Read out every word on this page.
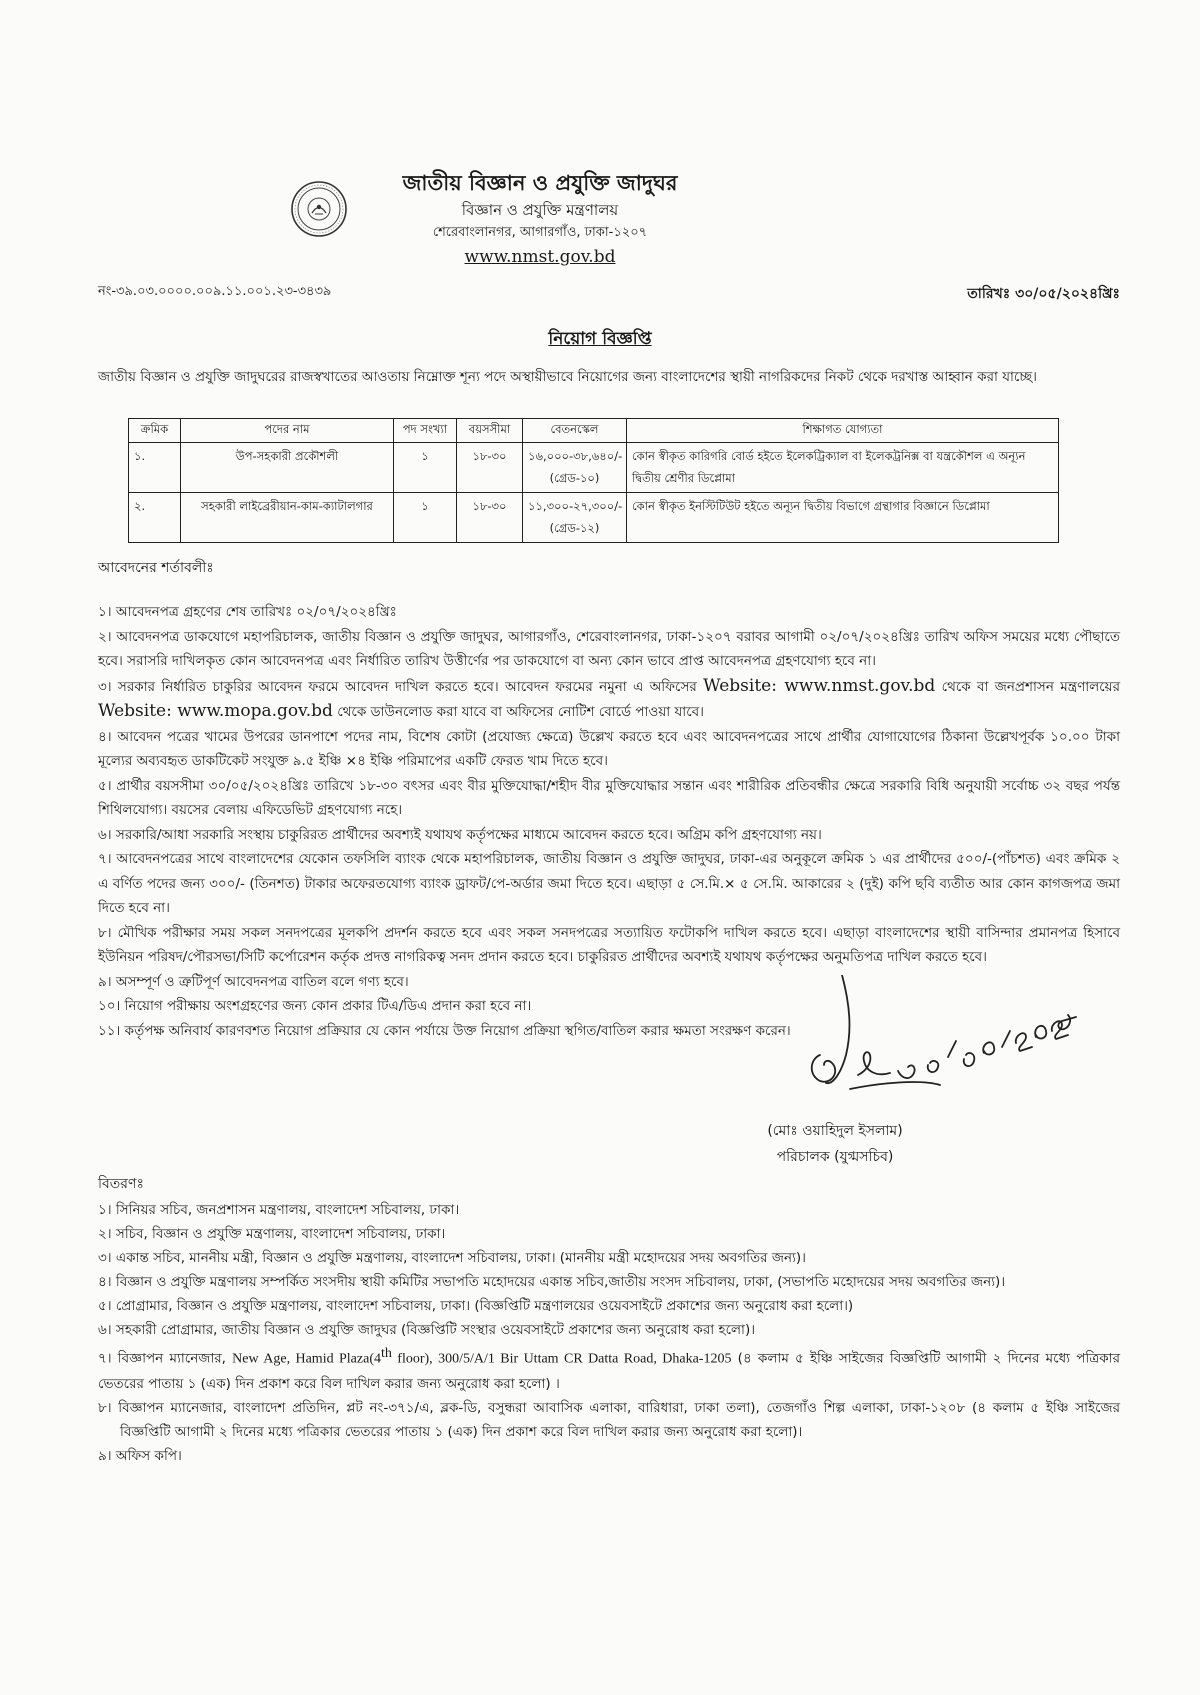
জাতীয় বিজ্ঞান ও প্রযুক্তি জাদুঘর
বিজ্ঞান ও প্রযুক্তি মন্ত্রণালয়
শেরেবাংলানগর, আগারগাঁও, ঢাকা-১২০৭
www.nmst.gov.bd
নং-৩৯.০৩.০০০০.০০৯.১১.০০১.২৩-৩৪৩৯	তারিখঃ ৩০/০৫/২০২৪খ্রিঃ
নিয়োগ বিজ্ঞপ্তি
জাতীয় বিজ্ঞান ও প্রযুক্তি জাদুঘরের রাজস্বখাতের আওতায় নিম্নোক্ত শূন্য পদে অস্থায়ীভাবে নিয়োগের জন্য বাংলাদেশের স্থায়ী নাগরিকদের নিকট থেকে দরখাস্ত আহ্বান করা যাচ্ছে।
ক্রমিক	পদের নাম	পদ সংখ্যা	বয়সসীমা	বেতনস্কেল	শিক্ষাগত যোগ্যতা
১.	উপ-সহকারী প্রকৌশলী	১	১৮-৩০	১৬,০০০-৩৮,৬৪০/-
(গ্রেড-১০)	কোন স্বীকৃত কারিগরি বোর্ড হইতে ইলেকট্রিক্যাল বা ইলেকট্রনিক্স বা যন্ত্রকৌশল এ অন্যূন দ্বিতীয় শ্রেণীর ডিপ্লোমা
২.	সহকারী লাইব্রেরীয়ান-কাম-ক্যাটালগার	১	১৮-৩০	১১,৩০০-২৭,৩০০/-
(গ্রেড-১২)	কোন স্বীকৃত ইনস্টিটিউট হইতে অন্যূন দ্বিতীয় বিভাগে গ্রন্থাগার বিজ্ঞানে ডিপ্লোমা
আবেদনের শর্তাবলীঃ

১। আবেদনপত্র গ্রহণের শেষ তারিখঃ ০২/০৭/২০২৪খ্রিঃ

২। আবেদনপত্র ডাকযোগে মহাপরিচালক, জাতীয় বিজ্ঞান ও প্রযুক্তি জাদুঘর, আগারগাঁও, শেরেবাংলানগর, ঢাকা-১২০৭ বরাবর আগামী ০২/০৭/২০২৪খ্রিঃ তারিখ অফিস সময়ের মধ্যে পৌছাতে হবে। সরাসরি দাখিলকৃত কোন আবেদনপত্র এবং নির্ধারিত তারিখ উত্তীর্ণের পর ডাকযোগে বা অন্য কোন ভাবে প্রাপ্ত আবেদনপত্র গ্রহণযোগ্য হবে না।

৩। সরকার নির্ধারিত চাকুরির আবেদন ফরমে আবেদন দাখিল করতে হবে। আবেদন ফরমের নমুনা এ অফিসের Website: www.nmst.gov.bd থেকে বা জনপ্রশাসন মন্ত্রণালয়ের Website: www.mopa.gov.bd থেকে ডাউনলোড করা যাবে বা অফিসের নোটিশ বোর্ডে পাওয়া যাবে।

৪। আবেদন পত্রের খামের উপরের ডানপাশে পদের নাম, বিশেষ কোটা (প্রযোজ্য ক্ষেত্রে) উল্লেখ করতে হবে এবং আবেদনপত্রের সাথে প্রার্থীর যোগাযোগের ঠিকানা উল্লেখপূর্বক ১০.০০ টাকা মূল্যের অব্যবহৃত ডাকটিকেট সংযুক্ত ৯.৫ ইঞ্চি ×৪ ইঞ্চি পরিমাপের একটি ফেরত খাম দিতে হবে।

৫। প্রার্থীর বয়সসীমা ৩০/০৫/২০২৪খ্রিঃ তারিখে ১৮-৩০ বৎসর এবং বীর মুক্তিযোদ্ধা/শহীদ বীর মুক্তিযোদ্ধার সন্তান এবং শারীরিক প্রতিবন্ধীর ক্ষেত্রে সরকারি বিধি অনুযায়ী সর্বোচ্চ ৩২ বছর পর্যন্ত শিথিলযোগ্য। বয়সের বেলায় এফিডেভিট গ্রহণযোগ্য নহে।

৬। সরকারি/আধা সরকারি সংস্থায় চাকুরিরত প্রার্থীদের অবশ্যই যথাযথ কর্তৃপক্ষের মাধ্যমে আবেদন করতে হবে। অগ্রিম কপি গ্রহণযোগ্য নয়।

৭। আবেদনপত্রের সাথে বাংলাদেশের যেকোন তফসিলি ব্যাংক থেকে মহাপরিচালক, জাতীয় বিজ্ঞান ও প্রযুক্তি জাদুঘর, ঢাকা-এর অনুকূলে ক্রমিক ১ এর প্রার্থীদের ৫০০/-(পাঁচশত) এবং ক্রমিক ২ এ বর্ণিত পদের জন্য ৩০০/- (তিনশত) টাকার অফেরতযোগ্য ব্যাংক ড্রাফট/পে-অর্ডার জমা দিতে হবে। এছাড়া ৫ সে.মি.× ৫ সে.মি. আকারের ২ (দুই) কপি ছবি ব্যতীত আর কোন কাগজপত্র জমা দিতে হবে না।

৮। মৌখিক পরীক্ষার সময় সকল সনদপত্রের মূলকপি প্রদর্শন করতে হবে এবং সকল সনদপত্রের সত্যায়িত ফটোকপি দাখিল করতে হবে। এছাড়া বাংলাদেশের স্থায়ী বাসিন্দার প্রমানপত্র হিসাবে ইউনিয়ন পরিষদ/পৌরসভা/সিটি কর্পোরেশন কর্তৃক প্রদত্ত নাগরিকত্ব সনদ প্রদান করতে হবে। চাকুরিরত প্রার্থীদের অবশ্যই যথাযথ কর্তৃপক্ষের অনুমতিপত্র দাখিল করতে হবে।

৯। অসম্পূর্ণ ও ত্রুটিপূর্ণ আবেদনপত্র বাতিল বলে গণ্য হবে।

১০। নিয়োগ পরীক্ষায় অংশগ্রহণের জন্য কোন প্রকার টিএ/ডিএ প্রদান করা হবে না।

১১। কর্তৃপক্ষ অনিবার্য কারণবশত নিয়োগ প্রক্রিয়ার যে কোন পর্যায়ে উক্ত নিয়োগ প্রক্রিয়া স্থগিত/বাতিল করার ক্ষমতা সংরক্ষণ করেন।

(মোঃ ওয়াহিদুল ইসলাম)
পরিচালক (যুগ্মসচিব)
বিতরণঃ

১। সিনিয়র সচিব, জনপ্রশাসন মন্ত্রণালয়, বাংলাদেশ সচিবালয়, ঢাকা।

২। সচিব, বিজ্ঞান ও প্রযুক্তি মন্ত্রণালয়, বাংলাদেশ সচিবালয়, ঢাকা।

৩। একান্ত সচিব, মাননীয় মন্ত্রী, বিজ্ঞান ও প্রযুক্তি মন্ত্রণালয়, বাংলাদেশ সচিবালয়, ঢাকা। (মাননীয় মন্ত্রী মহোদয়ের সদয় অবগতির জন্য)।

৪। বিজ্ঞান ও প্রযুক্তি মন্ত্রণালয় সম্পর্কিত সংসদীয় স্থায়ী কমিটির সভাপতি মহোদয়ের একান্ত সচিব,জাতীয় সংসদ সচিবালয়, ঢাকা, (সভাপতি মহোদয়ের সদয় অবগতির জন্য)।

৫। প্রোগ্রামার, বিজ্ঞান ও প্রযুক্তি মন্ত্রণালয়, বাংলাদেশ সচিবালয়, ঢাকা। (বিজ্ঞপ্তিটি মন্ত্রণালয়ের ওয়েবসাইটে প্রকাশের জন্য অনুরোধ করা হলো।)

৬। সহকারী প্রোগ্রামার, জাতীয় বিজ্ঞান ও প্রযুক্তি জাদুঘর (বিজ্ঞপ্তিটি সংস্থার ওয়েবসাইটে প্রকাশের জন্য অনুরোধ করা হলো)।

৭। বিজ্ঞাপন ম্যানেজার, New Age, Hamid Plaza(4th floor), 300/5/A/1 Bir Uttam CR Datta Road, Dhaka-1205 (৪ কলাম ৫ ইঞ্চি সাইজের বিজ্ঞপ্তিটি আগামী ২ দিনের মধ্যে পত্রিকার ভেতরের পাতায় ১ (এক) দিন প্রকাশ করে বিল দাখিল করার জন্য অনুরোধ করা হলো) ।

৮। বিজ্ঞাপন ম্যানেজার, বাংলাদেশ প্রতিদিন, প্লট নং-৩৭১/এ, ব্লক-ডি, বসুন্ধরা আবাসিক এলাকা, বারিধারা, ঢাকা তলা), তেজগাঁও শিল্প এলাকা, ঢাকা-১২০৮ (৪ কলাম ৫ ইঞ্চি সাইজের বিজ্ঞপ্তিটি আগামী ২ দিনের মধ্যে পত্রিকার ভেতরের পাতায় ১ (এক) দিন প্রকাশ করে বিল দাখিল করার জন্য অনুরোধ করা হলো)।

৯। অফিস কপি।
